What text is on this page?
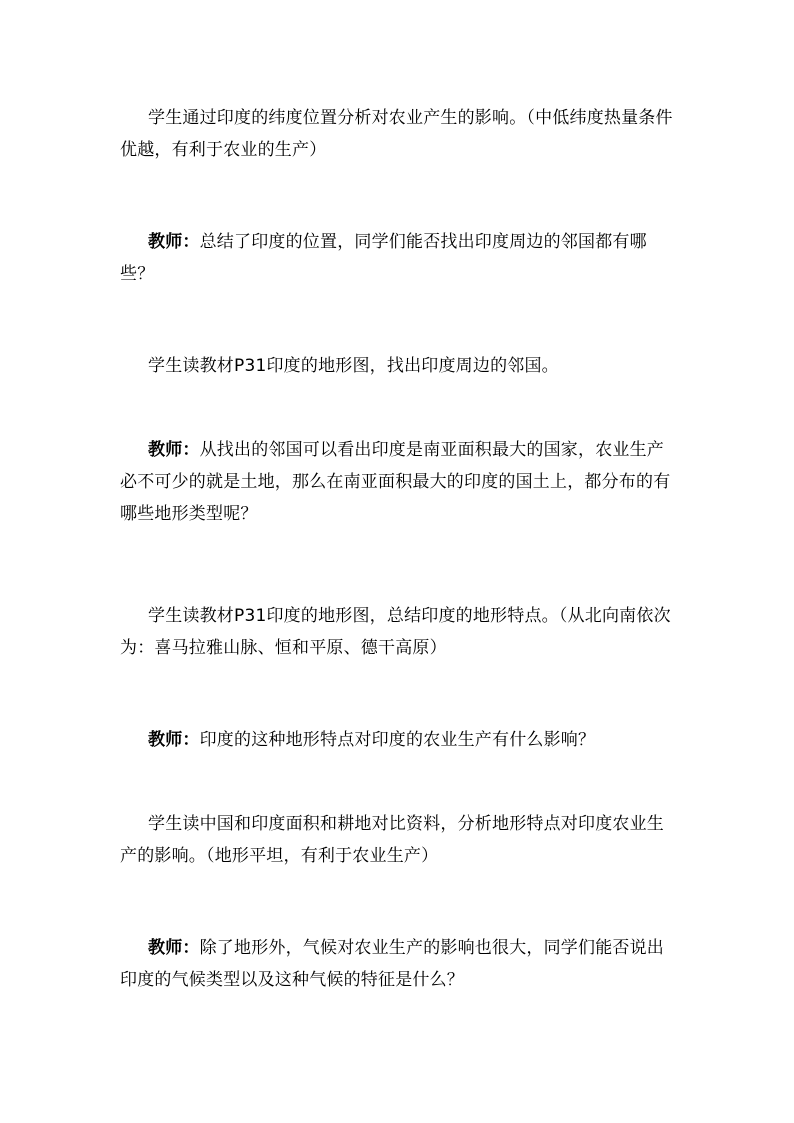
学生通过印度的纬度位置分析对农业产生的影响。（中低纬度热量条件优越，有利于农业的生产）

教师：总结了印度的位置，同学们能否找出印度周边的邻国都有哪些？

学生读教材P31印度的地形图，找出印度周边的邻国。

教师：从找出的邻国可以看出印度是南亚面积最大的国家，农业生产必不可少的就是土地，那么在南亚面积最大的印度的国土上，都分布的有哪些地形类型呢？

学生读教材P31印度的地形图，总结印度的地形特点。（从北向南依次为：喜马拉雅山脉、恒和平原、德干高原）

教师：印度的这种地形特点对印度的农业生产有什么影响？

学生读中国和印度面积和耕地对比资料，分析地形特点对印度农业生产的影响。（地形平坦，有利于农业生产）

教师：除了地形外，气候对农业生产的影响也很大，同学们能否说出印度的气候类型以及这种气候的特征是什么？
